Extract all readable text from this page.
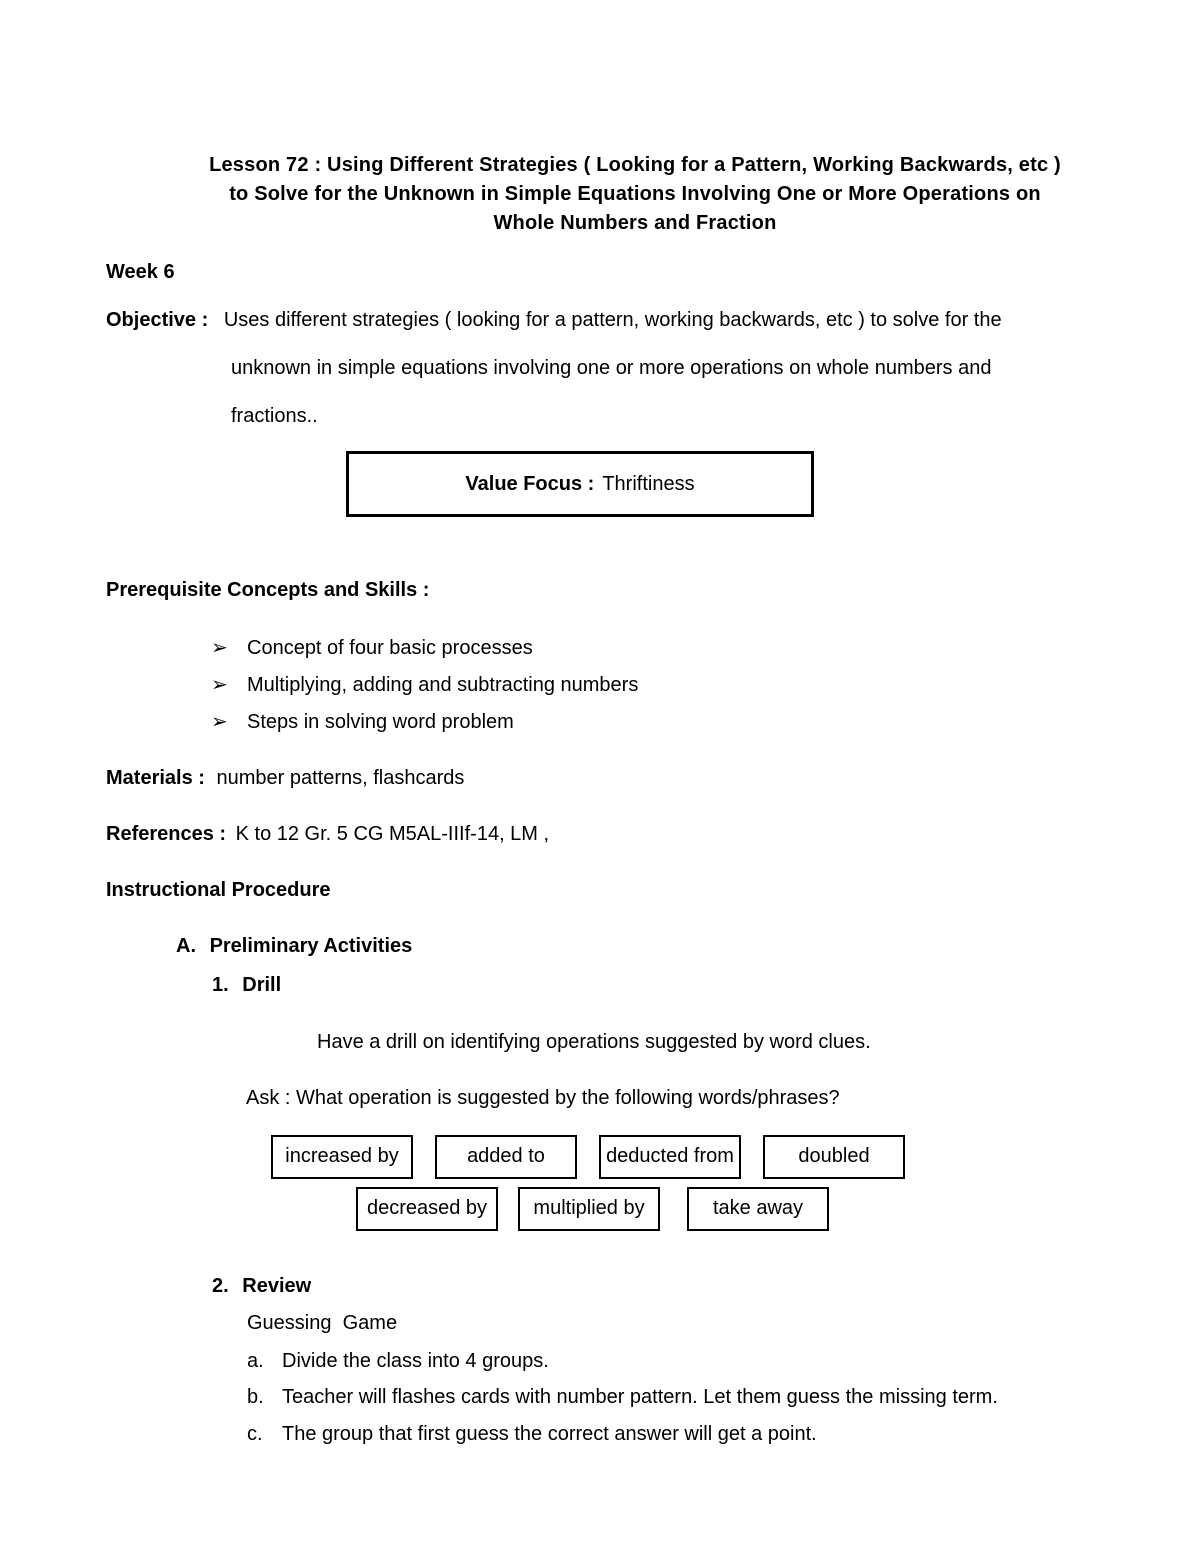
Lesson 72 : Using Different Strategies ( Looking for a Pattern, Working Backwards, etc )
to Solve for the Unknown in Simple Equations Involving One or More Operations on
Whole Numbers and Fraction
Week 6
Objective : Uses different strategies ( looking for a pattern, working backwards, etc ) to solve for the
unknown in simple equations involving one or more operations on whole numbers and
fractions..
Value Focus : Thriftiness
Prerequisite Concepts and Skills :
➢ Concept of four basic processes
➢ Multiplying, adding and subtracting numbers
➢ Steps in solving word problem
Materials : number patterns, flashcards
References : K to 12 Gr. 5 CG M5AL-IIIf-14, LM ,
Instructional Procedure
A. Preliminary Activities
1. Drill
Have a drill on identifying operations suggested by word clues.
Ask : What operation is suggested by the following words/phrases?
increased by	added to	deducted from	doubled
decreased by	multiplied by	take away
2. Review
Guessing  Game
a. Divide the class into 4 groups.
b. Teacher will flashes cards with number pattern. Let them guess the missing term.
c. The group that first guess the correct answer will get a point.
